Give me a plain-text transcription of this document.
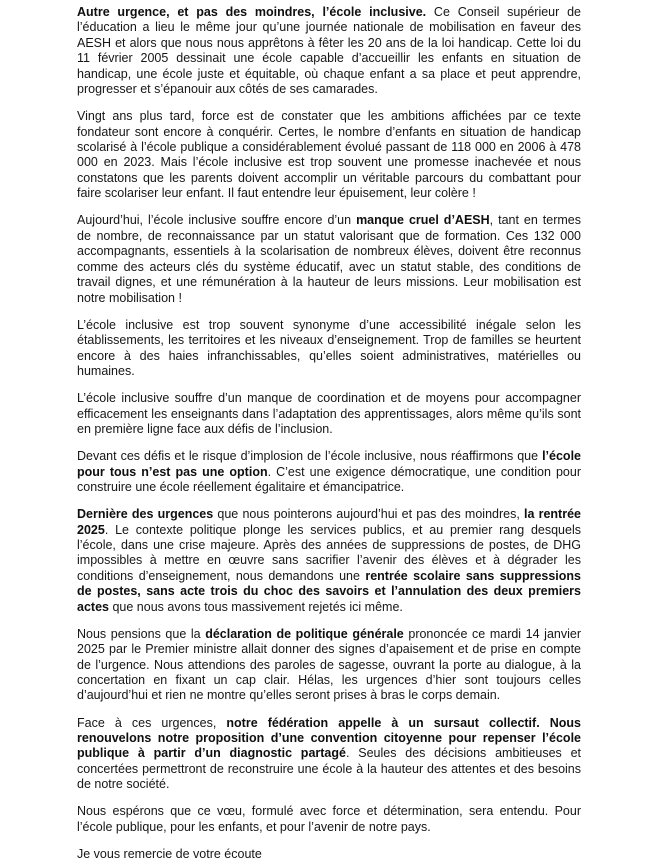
Autre urgence, et pas des moindres, l’école inclusive. Ce Conseil supérieur de l’éducation a lieu le même jour qu’une journée nationale de mobilisation en faveur des AESH et alors que nous nous apprêtons à fêter les 20 ans de la loi handicap. Cette loi du 11 février 2005 dessinait une école capable d’accueillir les enfants en situation de handicap, une école juste et équitable, où chaque enfant a sa place et peut apprendre, progresser et s’épanouir aux côtés de ses camarades.

Vingt ans plus tard, force est de constater que les ambitions affichées par ce texte fondateur sont encore à conquérir. Certes, le nombre d’enfants en situation de handicap scolarisé à l’école publique a considérablement évolué passant de 118 000 en 2006 à 478 000 en 2023. Mais l’école inclusive est trop souvent une promesse inachevée et nous constatons que les parents doivent accomplir un véritable parcours du combattant pour faire scolariser leur enfant. Il faut entendre leur épuisement, leur colère !

Aujourd’hui, l’école inclusive souffre encore d’un manque cruel d’AESH, tant en termes de nombre, de reconnaissance par un statut valorisant que de formation. Ces 132 000 accompagnants, essentiels à la scolarisation de nombreux élèves, doivent être reconnus comme des acteurs clés du système éducatif, avec un statut stable, des conditions de travail dignes, et une rémunération à la hauteur de leurs missions. Leur mobilisation est notre mobilisation !

L’école inclusive est trop souvent synonyme d’une accessibilité inégale selon les établissements, les territoires et les niveaux d’enseignement. Trop de familles se heurtent encore à des haies infranchissables, qu’elles soient administratives, matérielles ou humaines.

L’école inclusive souffre d’un manque de coordination et de moyens pour accompagner efficacement les enseignants dans l’adaptation des apprentissages, alors même qu’ils sont en première ligne face aux défis de l’inclusion.

Devant ces défis et le risque d’implosion de l’école inclusive, nous réaffirmons que l’école pour tous n’est pas une option. C’est une exigence démocratique, une condition pour construire une école réellement égalitaire et émancipatrice.

Dernière des urgences que nous pointerons aujourd’hui et pas des moindres, la rentrée 2025. Le contexte politique plonge les services publics, et au premier rang desquels l’école, dans une crise majeure. Après des années de suppressions de postes, de DHG impossibles à mettre en œuvre sans sacrifier l’avenir des élèves et à dégrader les conditions d’enseignement, nous demandons une rentrée scolaire sans suppressions de postes, sans acte trois du choc des savoirs et l’annulation des deux premiers actes que nous avons tous massivement rejetés ici même.

Nous pensions que la déclaration de politique générale prononcée ce mardi 14 janvier 2025 par le Premier ministre allait donner des signes d’apaisement et de prise en compte de l’urgence. Nous attendions des paroles de sagesse, ouvrant la porte au dialogue, à la concertation en fixant un cap clair. Hélas, les urgences d’hier sont toujours celles d’aujourd’hui et rien ne montre qu’elles seront prises à bras le corps demain.

Face à ces urgences, notre fédération appelle à un sursaut collectif. Nous renouvelons notre proposition d’une convention citoyenne pour repenser l’école publique à partir d’un diagnostic partagé. Seules des décisions ambitieuses et concertées permettront de reconstruire une école à la hauteur des attentes et des besoins de notre société.

Nous espérons que ce vœu, formulé avec force et détermination, sera entendu. Pour l’école publique, pour les enfants, et pour l’avenir de notre pays.

Je vous remercie de votre écoute
